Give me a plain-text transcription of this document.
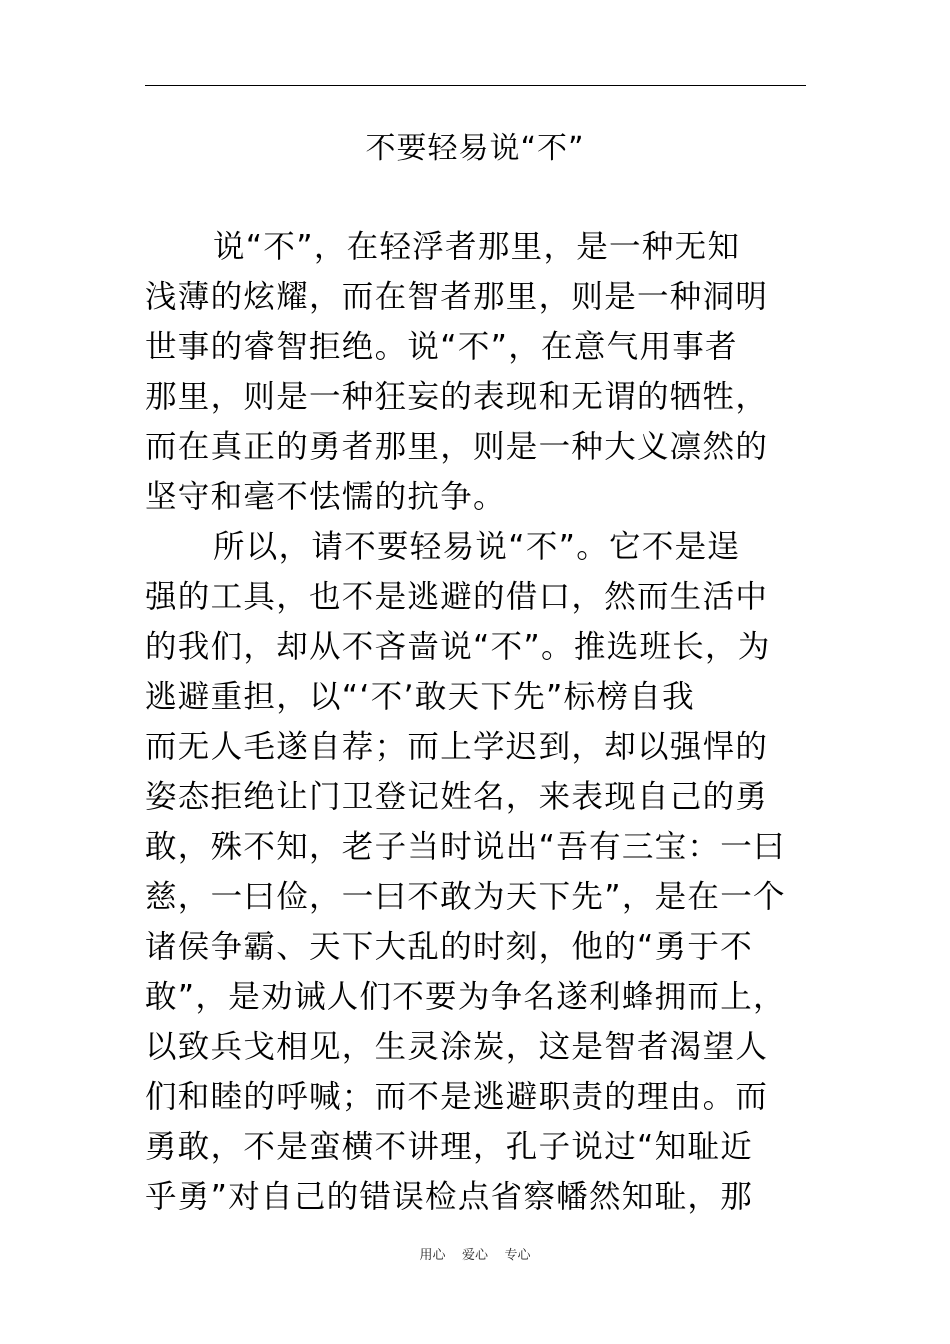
不要轻易说“不”
说“不”，在轻浮者那里，是一种无知
浅薄的炫耀，而在智者那里，则是一种洞明
世事的睿智拒绝。说“不”，在意气用事者
那里，则是一种狂妄的表现和无谓的牺牲，
而在真正的勇者那里，则是一种大义凛然的
坚守和毫不怯懦的抗争。
所以，请不要轻易说“不”。它不是逞
强的工具，也不是逃避的借口，然而生活中
的我们，却从不吝啬说“不”。推选班长，为
逃避重担，以“‘不’敢天下先”标榜自我
而无人毛遂自荐；而上学迟到，却以强悍的
姿态拒绝让门卫登记姓名，来表现自己的勇
敢，殊不知，老子当时说出“吾有三宝：一曰
慈，一曰俭，一曰不敢为天下先”，是在一个
诸侯争霸、天下大乱的时刻，他的“勇于不
敢”，是劝诫人们不要为争名遂利蜂拥而上，
以致兵戈相见，生灵涂炭，这是智者渴望人
们和睦的呼喊；而不是逃避职责的理由。而
勇敢，不是蛮横不讲理，孔子说过“知耻近
乎勇”对自己的错误检点省察幡然知耻，那
用心    爱心    专心
